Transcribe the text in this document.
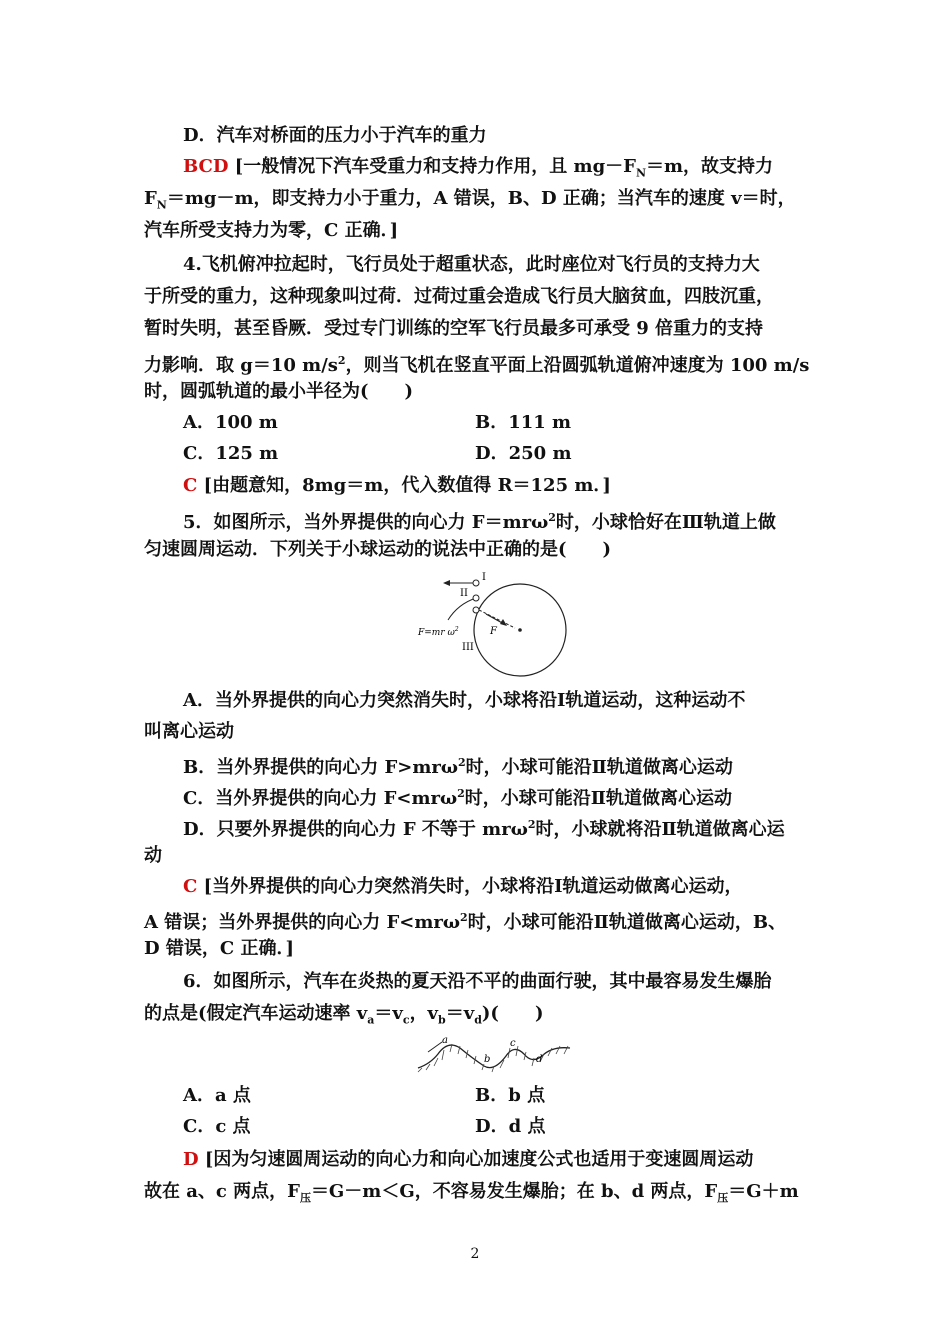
D．汽车对桥面的压力小于汽车的重力
BCD [一般情况下汽车受重力和支持力作用，且 $mg-F_N=m$，故支持力
$F_N=mg-m$，即支持力小于重力，A 错误，B、D 正确；当汽车的速度 v＝时，
汽车所受支持力为零，C 正确．]
4.飞机俯冲拉起时，飞行员处于超重状态，此时座位对飞行员的支持力大
于所受的重力，这种现象叫过荷．过荷过重会造成飞行员大脑贫血，四肢沉重，
暂时失明，甚至昏厥．受过专门训练的空军飞行员最多可承受 9 倍重力的支持
力影响．取 g＝10 $m/s^2$，则当飞机在竖直平面上沿圆弧轨道俯冲速度为 100 m/s
时，圆弧轨道的最小半径为(　　)
A．100 m	B．111 m
C．125 m	D．250 m
C [由题意知，8mg＝m，代入数值得 R＝125 m．]
5．如图所示，当外界提供的向心力 F＝mrω$^2$时，小球恰好在Ⅲ轨道上做
匀速圆周运动．下列关于小球运动的说法中正确的是(　　)
I
II
III
F=mr $\omega^2$	F
A．当外界提供的向心力突然消失时，小球将沿Ⅰ轨道运动，这种运动不
叫离心运动
B．当外界提供的向心力 F>mrω$^2$时，小球可能沿Ⅱ轨道做离心运动
C．当外界提供的向心力 F<mrω$^2$时，小球可能沿Ⅱ轨道做离心运动
D．只要外界提供的向心力 F 不等于 mrω$^2$时，小球就将沿Ⅱ轨道做离心运
动
C [当外界提供的向心力突然消失时，小球将沿Ⅰ轨道运动做离心运动，
A 错误；当外界提供的向心力 F<mrω$^2$时，小球可能沿Ⅱ轨道做离心运动，B、
D 错误，C 正确．]
6．如图所示，汽车在炎热的夏天沿不平的曲面行驶，其中最容易发生爆胎
的点是(假定汽车运动速率 $v_a=v_c$，$v_b=v_d$)(　　)
a
b
c
d
A．a 点	B．b 点
C．c 点	D．d 点
D [因为匀速圆周运动的向心力和向心加速度公式也适用于变速圆周运动
故在 a、c 两点，$F_压=G-m<G$，不容易发生爆胎；在 b、d 两点，$F_压=G+m$
2
